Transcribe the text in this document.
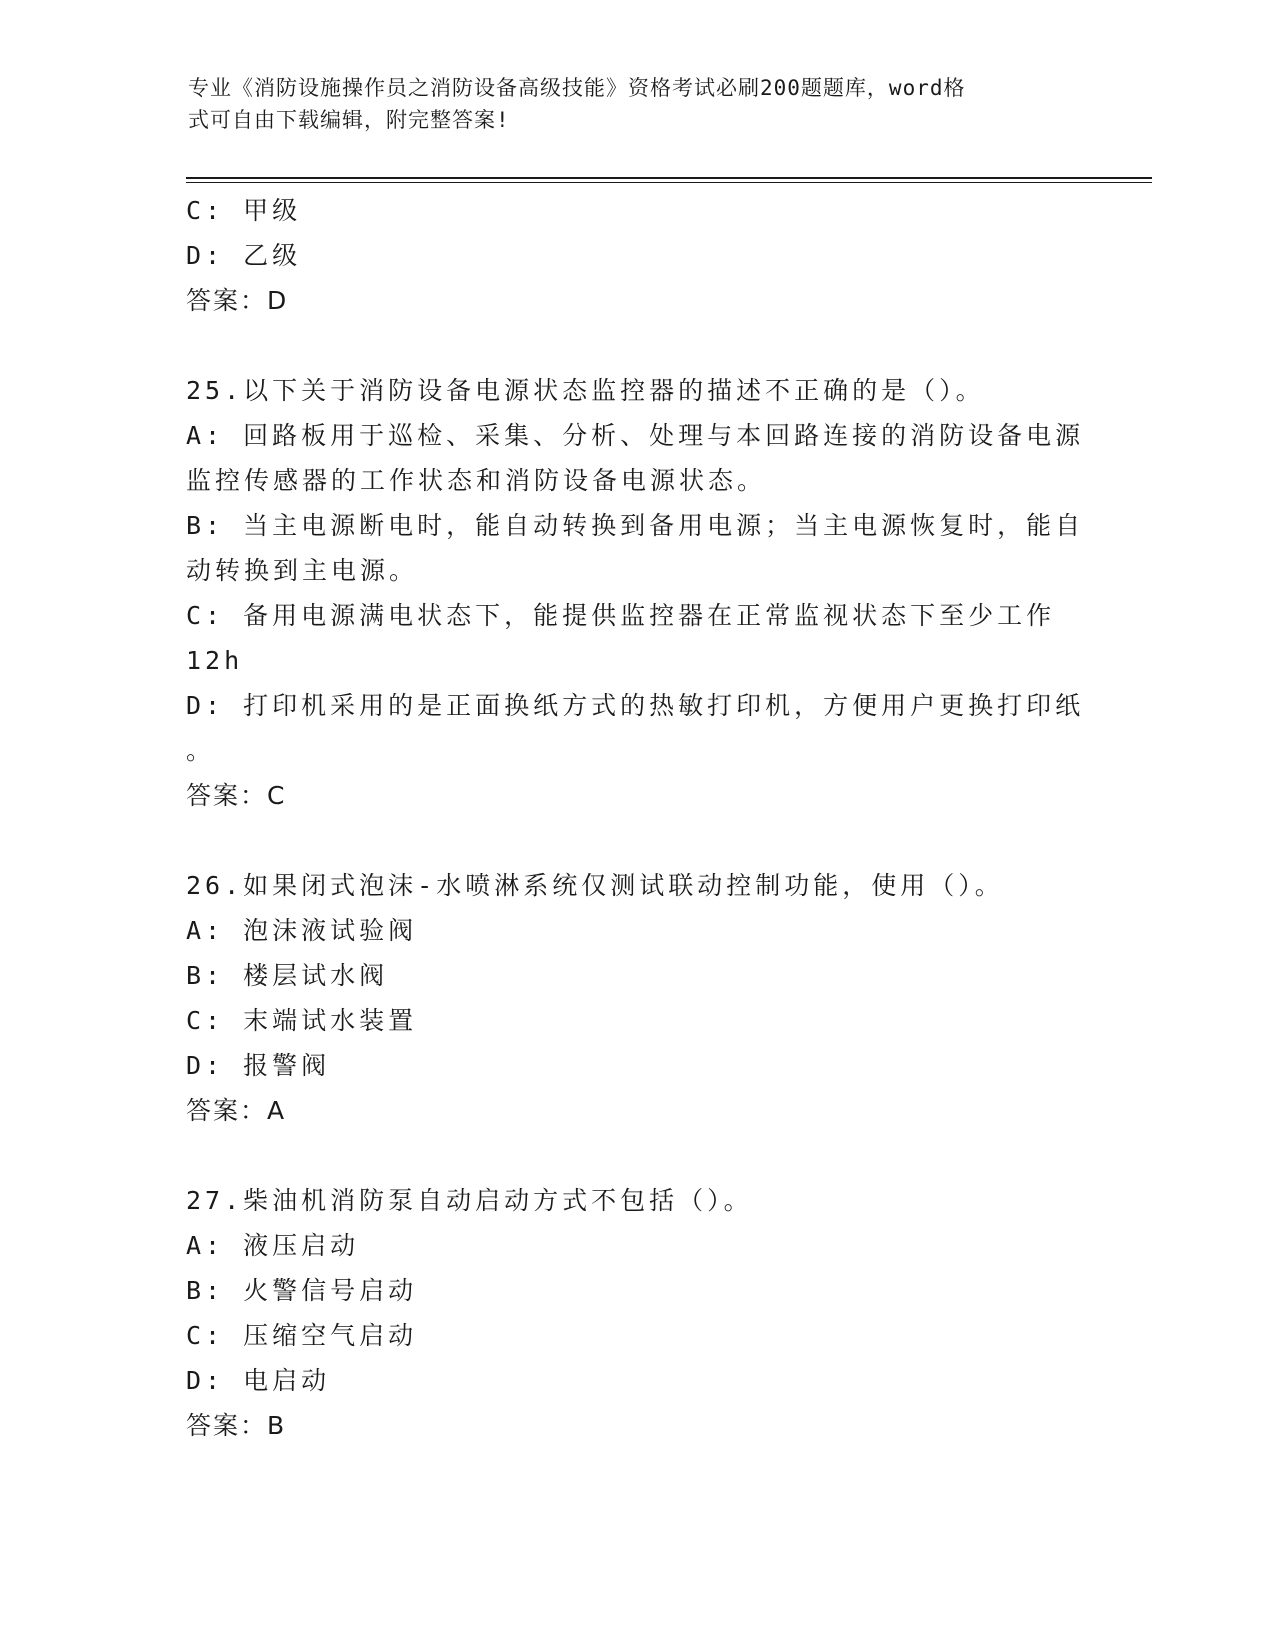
专业《消防设施操作员之消防设备高级技能》资格考试必刷200题题库，word格
式可自由下载编辑，附完整答案!
C: 甲级
D: 乙级
答案：D
25.以下关于消防设备电源状态监控器的描述不正确的是（）。
A: 回路板用于巡检、采集、分析、处理与本回路连接的消防设备电源
监控传感器的工作状态和消防设备电源状态。
B: 当主电源断电时，能自动转换到备用电源；当主电源恢复时，能自
动转换到主电源。
C: 备用电源满电状态下，能提供监控器在正常监视状态下至少工作
12h
D: 打印机采用的是正面换纸方式的热敏打印机，方便用户更换打印纸
。
答案：C
26.如果闭式泡沫-水喷淋系统仅测试联动控制功能，使用（）。
A: 泡沫液试验阀
B: 楼层试水阀
C: 末端试水装置
D: 报警阀
答案：A
27.柴油机消防泵自动启动方式不包括（）。
A: 液压启动
B: 火警信号启动
C: 压缩空气启动
D: 电启动
答案：B
